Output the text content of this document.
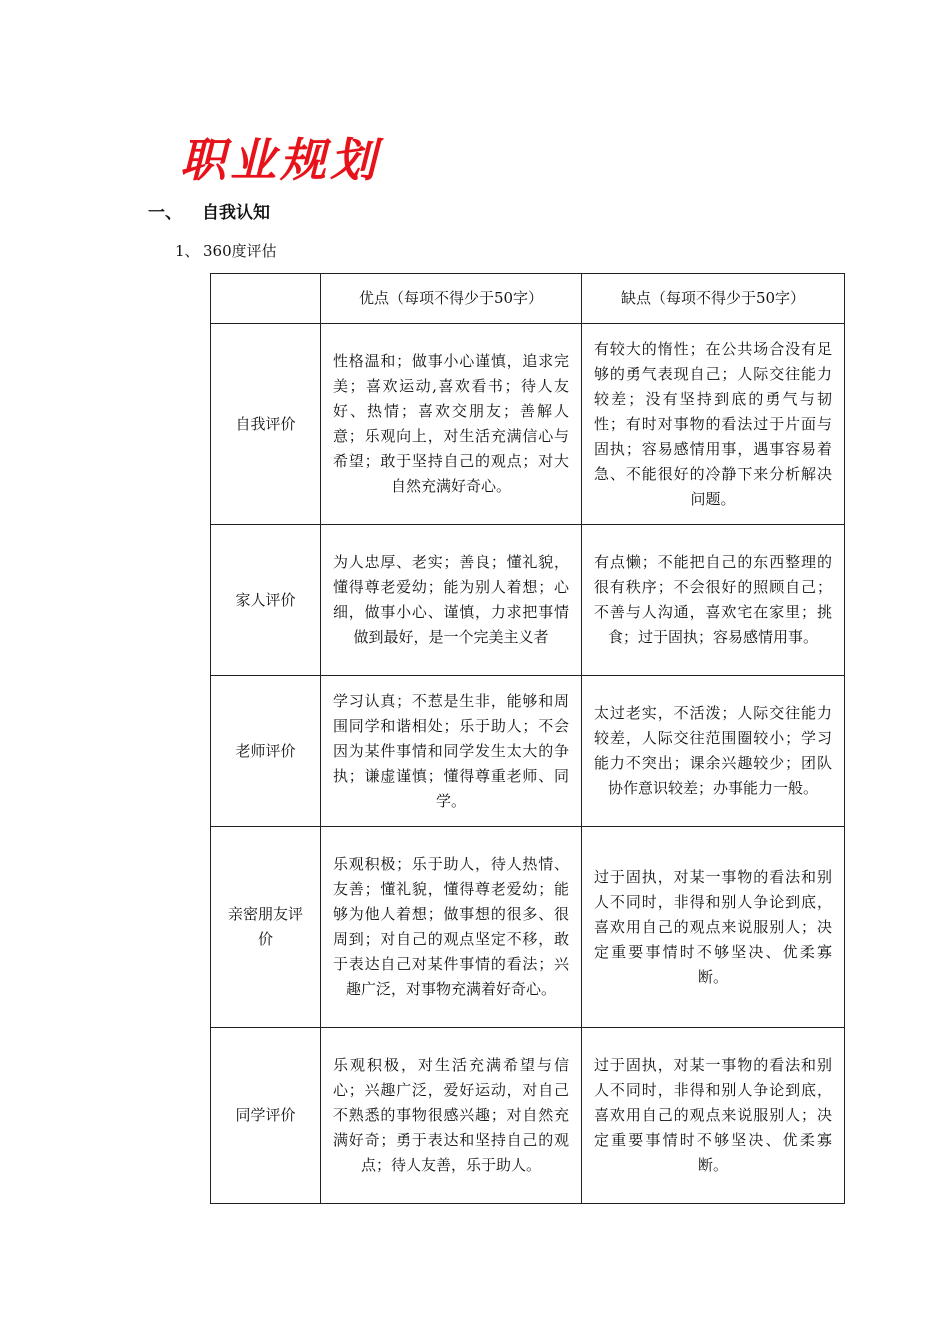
职业规划
一、 自我认知
1、 360度评估
	优点（每项不得少于50字）	缺点（每项不得少于50字）
自我评价	性格温和；做事小心谨慎，追求完美；喜欢运动,喜欢看书；待人友好、热情；喜欢交朋友；善解人意；乐观向上，对生活充满信心与希望；敢于坚持自己的观点；对大自然充满好奇心。	有较大的惰性；在公共场合没有足够的勇气表现自己；人际交往能力较差；没有坚持到底的勇气与韧性；有时对事物的看法过于片面与固执；容易感情用事，遇事容易着急、不能很好的冷静下来分析解决问题。
家人评价	为人忠厚、老实；善良；懂礼貌，懂得尊老爱幼；能为别人着想；心细，做事小心、谨慎，力求把事情做到最好，是一个完美主义者	有点懒；不能把自己的东西整理的很有秩序；不会很好的照顾自己；不善与人沟通，喜欢宅在家里；挑食；过于固执；容易感情用事。
老师评价	学习认真；不惹是生非，能够和周围同学和谐相处；乐于助人；不会因为某件事情和同学发生太大的争执；谦虚谨慎；懂得尊重老师、同学。	太过老实，不活泼；人际交往能力较差，人际交往范围圈较小；学习能力不突出；课余兴趣较少；团队协作意识较差；办事能力一般。
亲密朋友评价	乐观积极；乐于助人，待人热情、友善；懂礼貌，懂得尊老爱幼；能够为他人着想；做事想的很多、很周到；对自己的观点坚定不移，敢于表达自己对某件事情的看法；兴趣广泛，对事物充满着好奇心。	过于固执，对某一事物的看法和别人不同时，非得和别人争论到底，喜欢用自己的观点来说服别人；决定重要事情时不够坚决、优柔寡断。
同学评价	乐观积极，对生活充满希望与信心；兴趣广泛，爱好运动，对自己不熟悉的事物很感兴趣；对自然充满好奇；勇于表达和坚持自己的观点；待人友善，乐于助人。	过于固执，对某一事物的看法和别人不同时，非得和别人争论到底，喜欢用自己的观点来说服别人；决定重要事情时不够坚决、优柔寡断。
